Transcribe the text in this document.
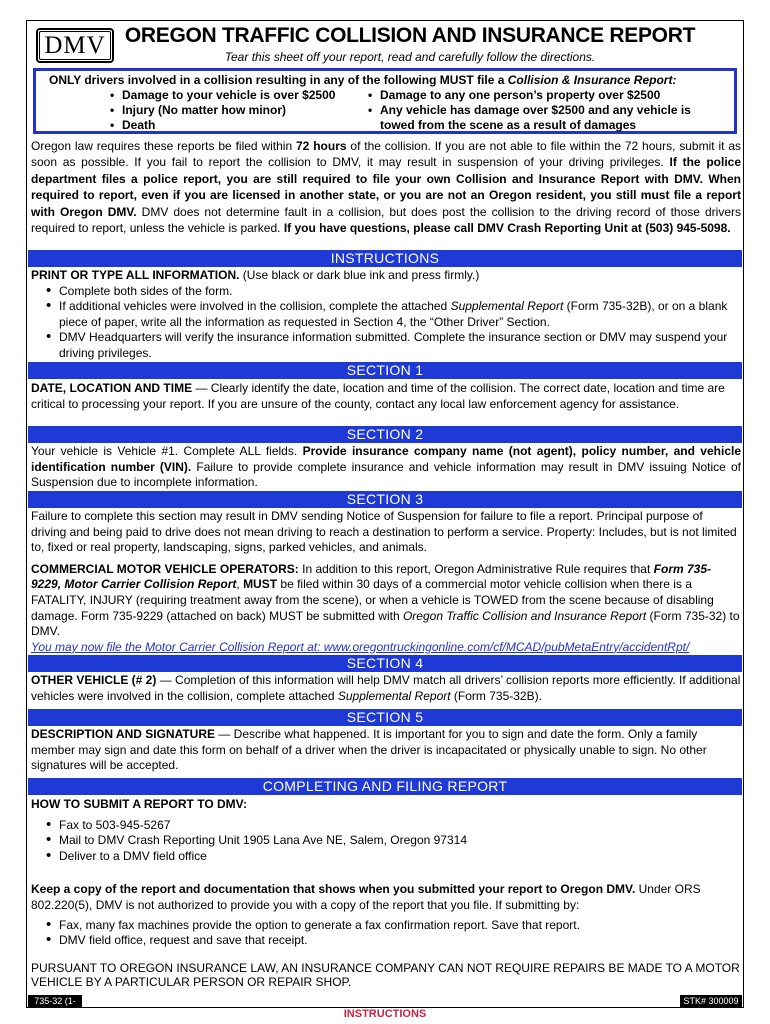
DMV OREGON TRAFFIC COLLISION AND INSURANCE REPORT
Tear this sheet off your report, read and carefully follow the directions.
ONLY drivers involved in a collision resulting in any of the following MUST file a Collision & Insurance Report:
• Damage to your vehicle is over $2500
• Injury (No matter how minor)
• Death
• Damage to any one person’s property over $2500
• Any vehicle has damage over $2500 and any vehicle is towed from the scene as a result of damages

Oregon law requires these reports be filed within 72 hours of the collision. If you are not able to file within the 72 hours, submit it as soon as possible. If you fail to report the collision to DMV, it may result in suspension of your driving privileges. If the police department files a police report, you are still required to file your own Collision and Insurance Report with DMV. When required to report, even if you are licensed in another state, or you are not an Oregon resident, you still must file a report with Oregon DMV. DMV does not determine fault in a collision, but does post the collision to the driving record of those drivers required to report, unless the vehicle is parked. If you have questions, please call DMV Crash Reporting Unit at (503) 945-5098.

INSTRUCTIONS

PRINT OR TYPE ALL INFORMATION. (Use black or dark blue ink and press firmly.)

• Complete both sides of the form.
• If additional vehicles were involved in the collision, complete the attached Supplemental Report (Form 735-32B), or on a blank piece of paper, write all the information as requested in Section 4, the “Other Driver” Section.
• DMV Headquarters will verify the insurance information submitted. Complete the insurance section or DMV may suspend your driving privileges.
SECTION 1

DATE, LOCATION AND TIME — Clearly identify the date, location and time of the collision. The correct date, location and time are critical to processing your report. If you are unsure of the county, contact any local law enforcement agency for assistance.

SECTION 2

Your vehicle is Vehicle #1. Complete ALL fields. Provide insurance company name (not agent), policy number, and vehicle identification number (VIN). Failure to provide complete insurance and vehicle information may result in DMV issuing Notice of Suspension due to incomplete information.

SECTION 3

Failure to complete this section may result in DMV sending Notice of Suspension for failure to file a report. Principal purpose of driving and being paid to drive does not mean driving to reach a destination to perform a service. Property: Includes, but is not limited to, fixed or real property, landscaping, signs, parked vehicles, and animals.

COMMERCIAL MOTOR VEHICLE OPERATORS: In addition to this report, Oregon Administrative Rule requires that Form 735-9229, Motor Carrier Collision Report, MUST be filed within 30 days of a commercial motor vehicle collision when there is a FATALITY, INJURY (requiring treatment away from the scene), or when a vehicle is TOWED from the scene because of disabling damage. Form 735-9229 (attached on back) MUST be submitted with Oregon Traffic Collision and Insurance Report (Form 735-32) to DMV.

You may now file the Motor Carrier Collision Report at: www.oregontruckingonline.com/cf/MCAD/pubMetaEntry/accidentRpt/

SECTION 4

OTHER VEHICLE (# 2) — Completion of this information will help DMV match all drivers’ collision reports more efficiently. If additional vehicles were involved in the collision, complete attached Supplemental Report (Form 735-32B).

SECTION 5

DESCRIPTION AND SIGNATURE — Describe what happened. It is important for you to sign and date the form. Only a family member may sign and date this form on behalf of a driver when the driver is incapacitated or physically unable to sign. No other signatures will be accepted.

COMPLETING AND FILING REPORT

HOW TO SUBMIT A REPORT TO DMV:

• Fax to 503-945-5267
• Mail to DMV Crash Reporting Unit 1905 Lana Ave NE, Salem, Oregon 97314
• Deliver to a DMV field office

Keep a copy of the report and documentation that shows when you submitted your report to Oregon DMV. Under ORS 802.220(5), DMV is not authorized to provide you with a copy of the report that you file. If submitting by:

• Fax, many fax machines provide the option to generate a fax confirmation report. Save that report.
• DMV field office, request and save that receipt.

PURSUANT TO OREGON INSURANCE LAW, AN INSURANCE COMPANY CAN NOT REQUIRE REPAIRS BE MADE TO A MOTOR VEHICLE BY A PARTICULAR PERSON OR REPAIR SHOP.

735-32 (1-25)
STK# 300009
INSTRUCTIONS
